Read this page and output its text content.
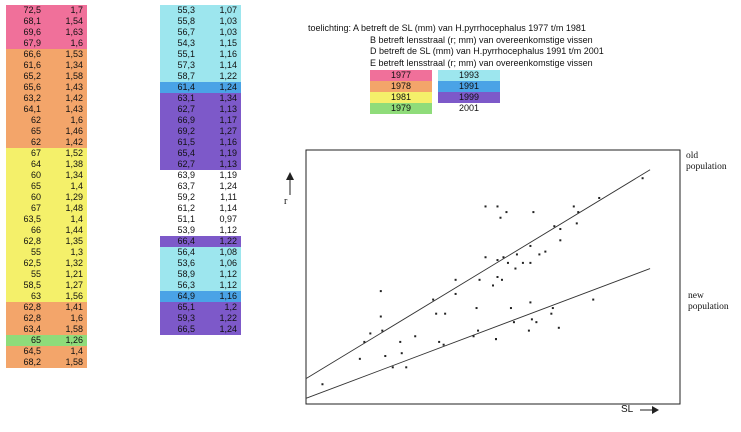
72,5	1,7
68,1	1,54
69,6	1,63
67,9	1,6
66,6	1,53
61,6	1,34
65,2	1,58
65,6	1,43
63,2	1,42
64,1	1,43
62	1,6
65	1,46
62	1,42
67	1,52
64	1,38
60	1,34
65	1,4
60	1,29
67	1,48
63,5	1,4
66	1,44
62,8	1,35
55	1,3
62,5	1,32
55	1,21
58,5	1,27
63	1,56
62,8	1,41
62,8	1,6
63,4	1,58
65	1,26
64,5	1,4
68,2	1,58
55,3	1,07
55,8	1,03
56,7	1,03
54,3	1,15
55,1	1,16
57,3	1,14
58,7	1,22
61,4	1,24
63,1	1,34
62,7	1,13
66,9	1,17
69,2	1,27
61,5	1,16
65,4	1,19
62,7	1,13
63,9	1,19
63,7	1,24
59,2	1,11
61,2	1,14
51,1	0,97
53,9	1,12
66,4	1,22
56,4	1,08
53,6	1,06
58,9	1,12
56,3	1,12
64,9	1,16
65,1	1,2
59,3	1,22
66,5	1,24
toelichting: A betreft de SL (mm) van H.pyrrhocephalus 1977 t/m 1981
B betreft lensstraal (r; mm) van overeenkomstige vissen
D betreft de SL (mm) van H.pyrrhocephalus 1991 t/m 2001
E betreft lensstraal (r; mm) van overeenkomstige vissen
1977	1993
1978	1991
1981	1999
1979	2001
old population
new population
SL
r
